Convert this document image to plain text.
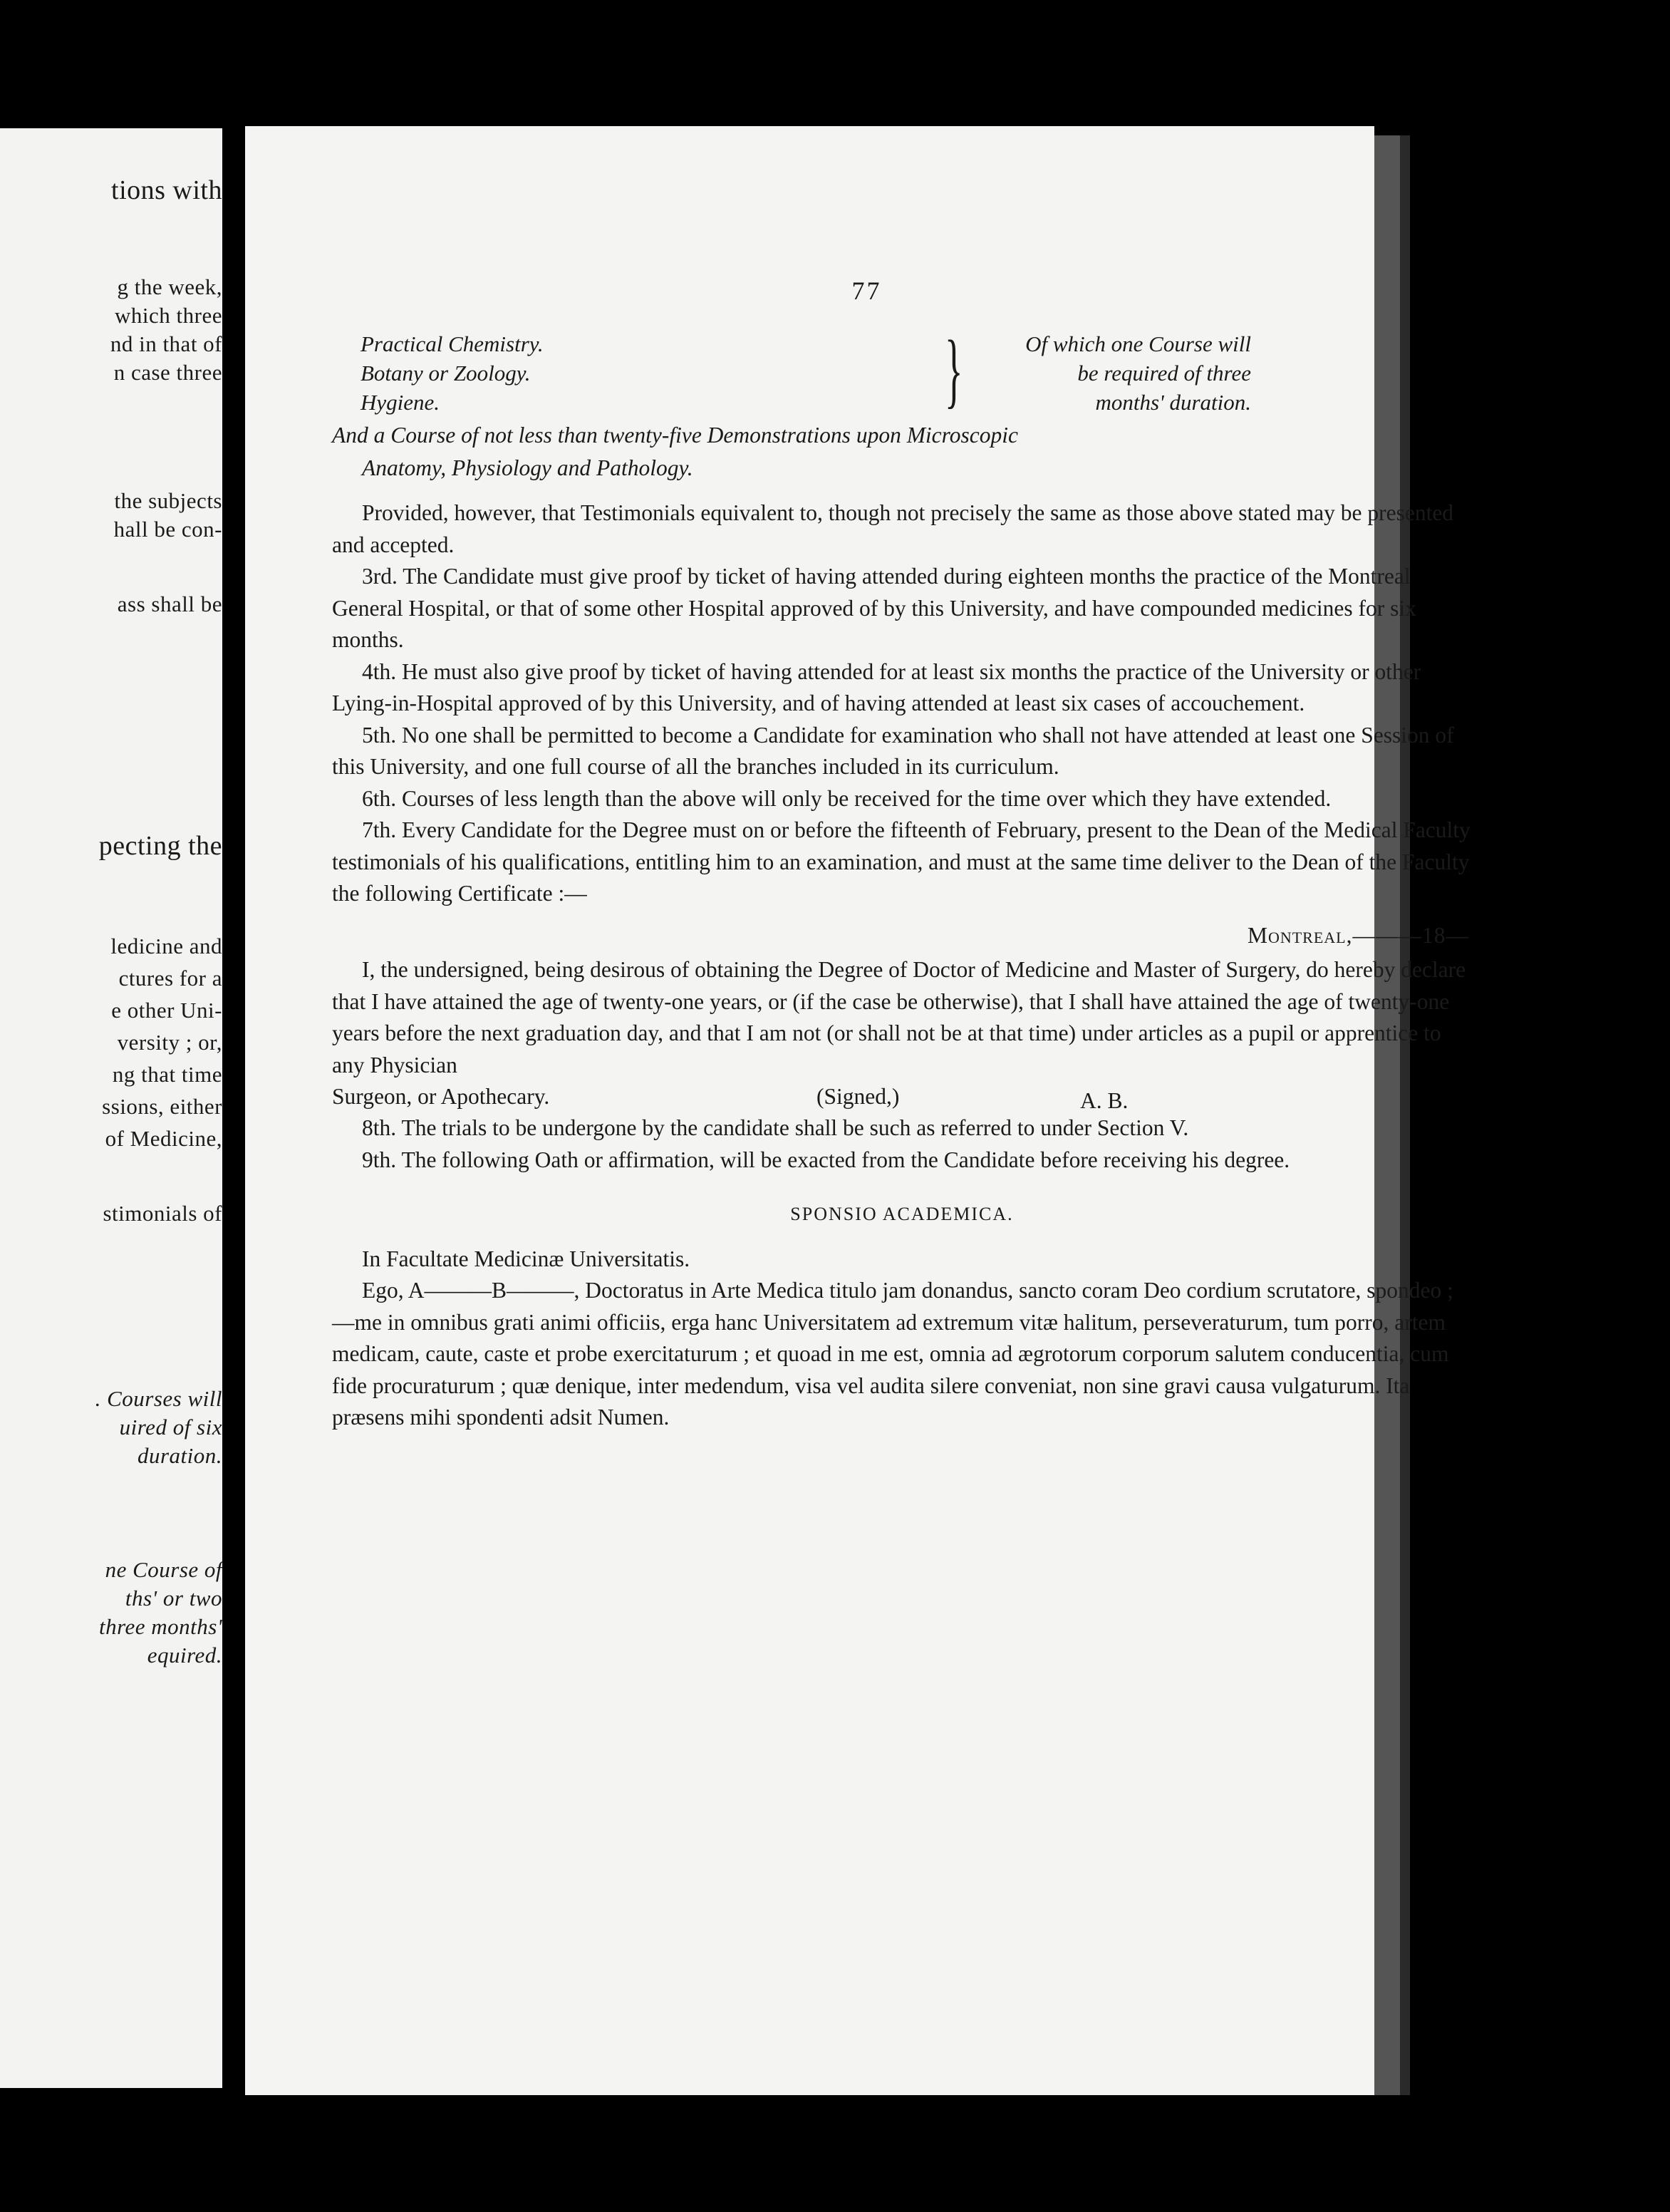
tions with
g the week,
which three
nd in that of
n case three
the subjects
hall be con-
ass shall be
pecting the
ledicine and
ctures for a
e other Uni-
versity ; or,
ng that time
ssions, either
of Medicine,
stimonials of
. Courses will
uired of six
duration.
ne Course of
ths' or two
three months'
equired.
77
Practical Chemistry.
Botany or Zoology.
Hygiene.	}	Of which one Course will
be required of three
months' duration.
And a Course of not less than twenty-five Demonstrations upon Microscopic
Anatomy, Physiology and Pathology.

Provided, however, that Testimonials equivalent to, though not precisely the same as those above stated may be presented and accepted.

3rd. The Candidate must give proof by ticket of having attended during eighteen months the practice of the Montreal General Hospital, or that of some other Hospital approved of by this University, and have compounded medicines for six months.

4th. He must also give proof by ticket of having attended for at least six months the practice of the University or other Lying-in-Hospital approved of by this University, and of having attended at least six cases of accouchement.

5th. No one shall be permitted to become a Candidate for examination who shall not have attended at least one Session of this University, and one full course of all the branches included in its curriculum.

6th. Courses of less length than the above will only be received for the time over which they have extended.

7th. Every Candidate for the Degree must on or before the fifteenth of February, present to the Dean of the Medical Faculty testimonials of his qualifications, entitling him to an examination, and must at the same time deliver to the Dean of the Faculty the following Certificate :—

Montreal,———18—

I, the undersigned, being desirous of obtaining the Degree of Doctor of Medicine and Master of Surgery, do hereby declare that I have attained the age of twenty-one years, or (if the case be otherwise), that I shall have attained the age of twenty-one years before the next graduation day, and that I am not (or shall not be at that time) under articles as a pupil or apprentice to any Physician

Surgeon, or Apothecary.	(Signed,)	A. B.

8th. The trials to be undergone by the candidate shall be such as referred to under Section V.

9th. The following Oath or affirmation, will be exacted from the Candidate before receiving his degree.

SPONSIO ACADEMICA.

In Facultate Medicinæ Universitatis.

Ego, A———B———, Doctoratus in Arte Medica titulo jam donandus, sancto coram Deo cordium scrutatore, spondeo ;—me in omnibus grati animi officiis, erga hanc Universitatem ad extremum vitæ halitum, perseveraturum, tum porro, artem medicam, caute, caste et probe exercitaturum ; et quoad in me est, omnia ad ægrotorum corporum salutem conducentia, cum fide procuraturum ; quæ denique, inter medendum, visa vel audita silere conveniat, non sine gravi causa vulgaturum. Ita præsens mihi spondenti adsit Numen.
